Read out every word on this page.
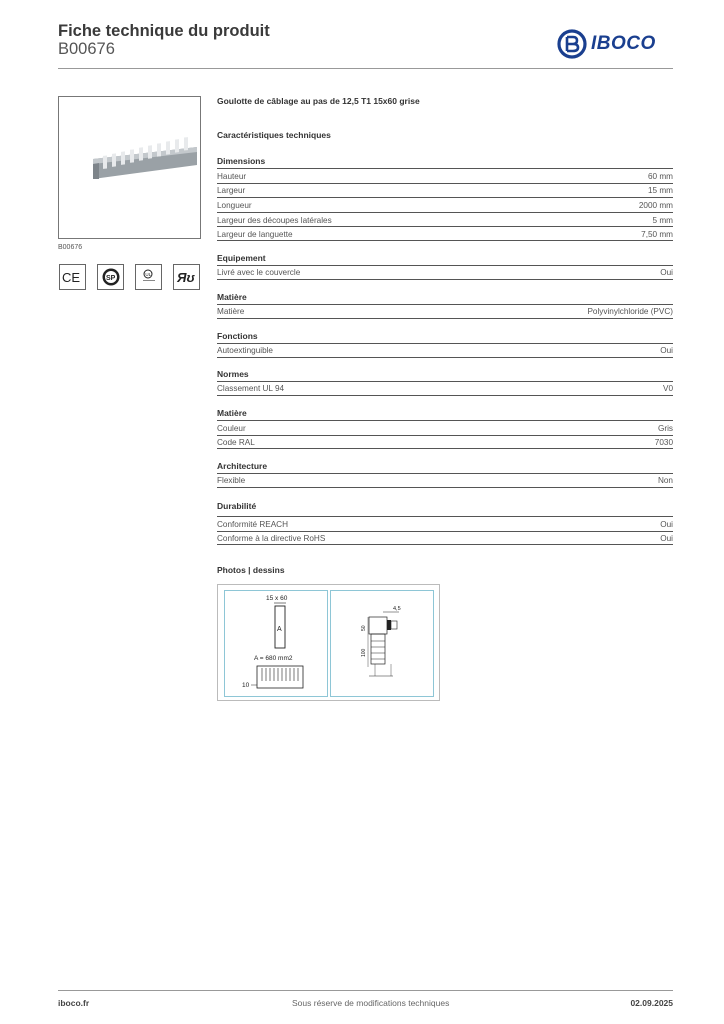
Fiche technique du produit
B00676	IBOCO
B00676
CE	SP
UL Яʊ
Goulotte de câblage au pas de 12,5 T1 15x60 grise
Caractéristiques techniques
Dimensions
Hauteur	60 mm
Largeur	15 mm
Longueur	2000 mm
Largeur des découpes latérales	5 mm
Largeur de languette	7,50 mm
Equipement
Livré avec le couvercle	Oui
Matière
Matière	Polyvinylchloride (PVC)
Fonctions
Autoextinguible	Oui
Normes
Classement UL 94	V0
Matière
Couleur	Gris
Code RAL	7030
Architecture
Flexible	Non
Durabilité
Conformité REACH	Oui
Conforme à la directive RoHS	Oui
Photos | dessins
15 x 60
A
A = 680 mm2
10
4,5
50
100
iboco.fr	Sous réserve de modifications techniques	02.09.2025
